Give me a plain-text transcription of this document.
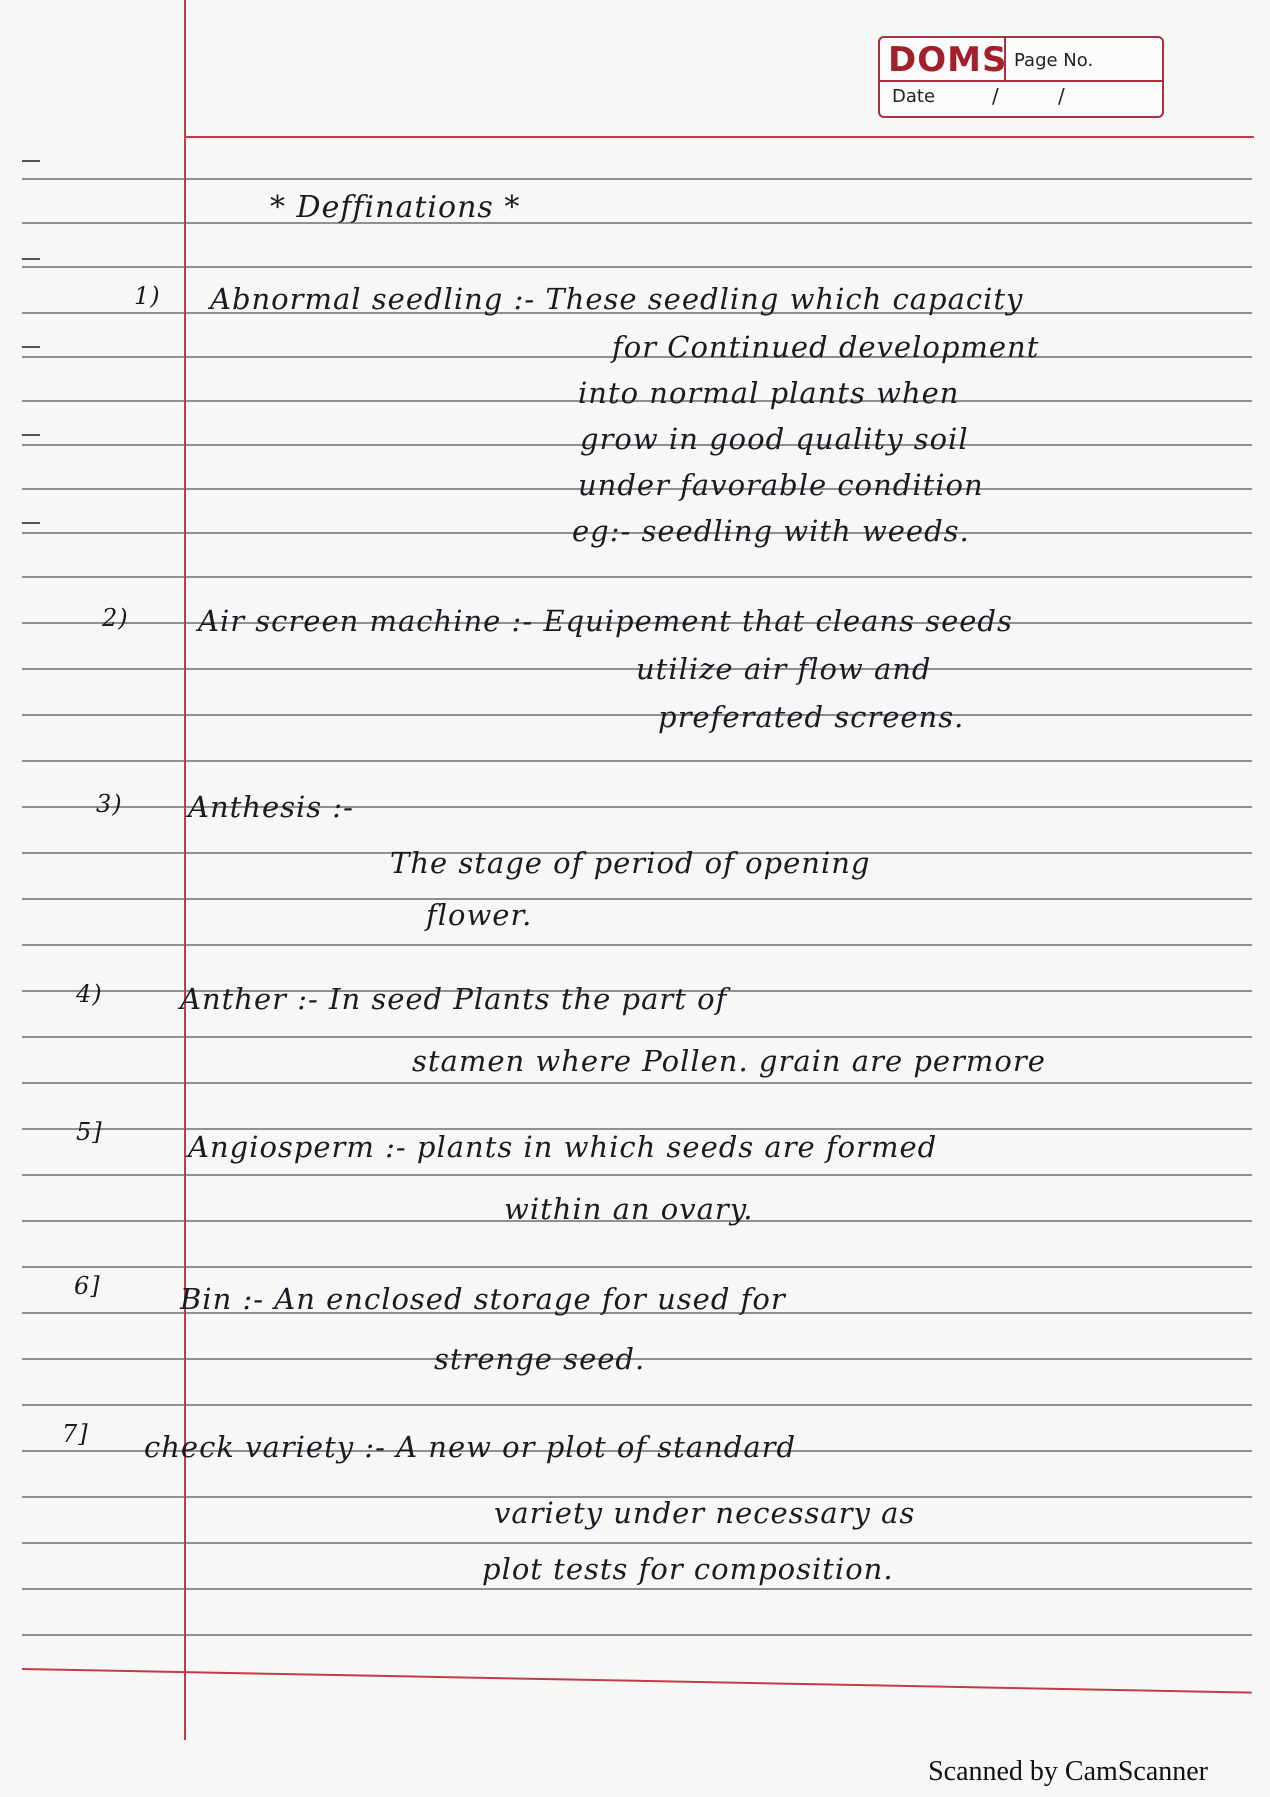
DOMS Page No.
Date	/	/
* Deffinations *
1) Abnormal seedling :- These seedling which capacity
for Continued development
into normal plants when
grow in good quality soil
under favorable condition
eg:- seedling with weeds.
2) Air screen machine :- Equipement that cleans seeds
utilize air flow and
preferated screens.
3) Anthesis :-
The stage of period of opening
flower.
4)	Anther :- In seed Plants the part of
stamen where Pollen. grain are permore
5]	Angiosperm :- plants in which seeds are formed
within an ovary.
6]	Bin :- An enclosed storage for used for
strenge seed.
7] check variety :- A new or plot of standard
variety under necessary as
plot tests for composition.
Scanned by CamScanner
